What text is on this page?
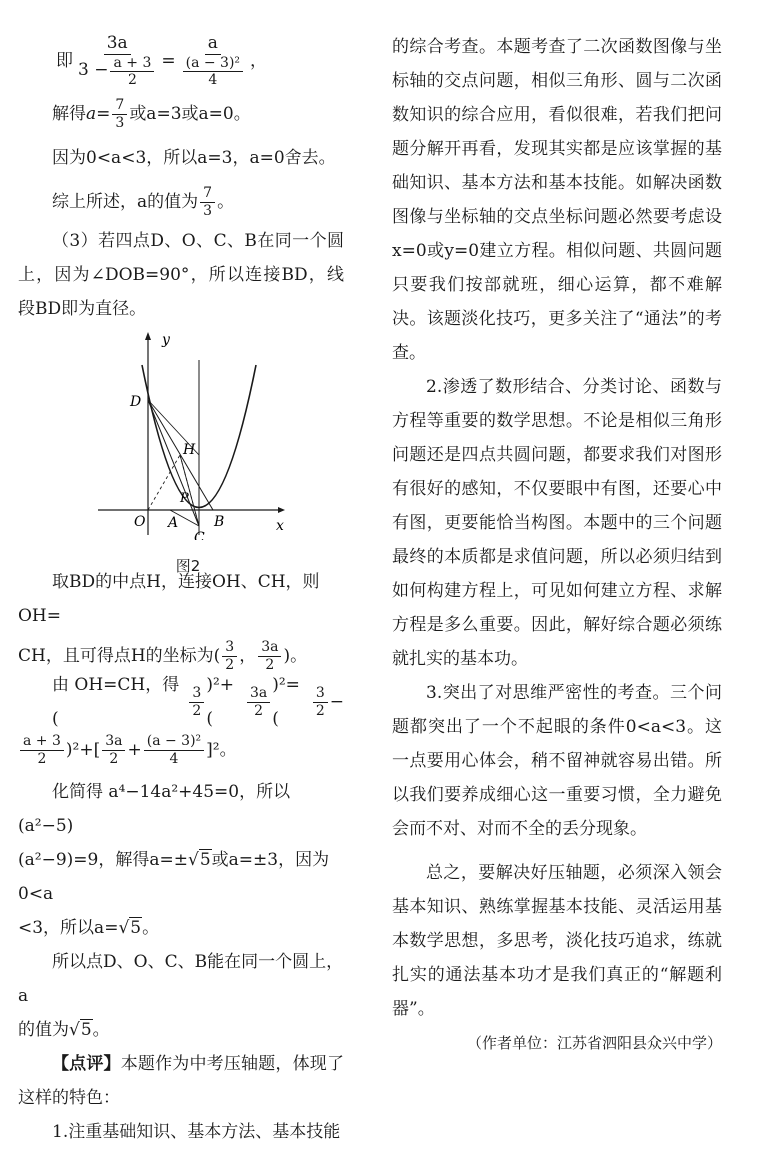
即 $\frac{3a}{3 - \frac{a + 3}{2}} = \frac{a}{\frac{\text{(a − 3)²}}{4}}$ ，
解得 $a = \frac{7}{3}$ 或a=3或a=0。

因为0<a<3，所以a=3，a=0舍去。

综上所述，a的值为 $\frac{7}{3}$ 。

（3）若四点D、O、C、B在同一个圆上，因为∠DOB=90°，所以连接BD，线段BD即为直径。

y
x
O A	B
C
D
H
P
图2

取BD的中点H，连接OH、CH，则OH=

CH，且可得点H的坐标为( $\frac{3}{2}$ ， $\frac{3a}{2}$ )。
由 OH=CH，得 (
$\frac{3}{2}$
)²+ (
$\frac{3a}{2}$
)²= (
$\frac{3}{2}$ −
$\frac{a + 3}{2} )^2+[ \frac{3a}{2} + \frac{\text{(a − 3)²}}{4} ]^2$。

化简得 a⁴−14a²+45=0，所以 (a²−5)

(a²−9)=9，解得a=±√5或a=±3，因为0<a

<3，所以a=√5。

所以点D、O、C、B能在同一个圆上，a

的值为√5。

【点评】本题作为中考压轴题，体现了这样的特色：

1.注重基础知识、基本方法、基本技能

的综合考查。本题考查了二次函数图像与坐标轴的交点问题，相似三角形、圆与二次函数知识的综合应用，看似很难，若我们把问题分解开再看，发现其实都是应该掌握的基础知识、基本方法和基本技能。如解决函数图像与坐标轴的交点坐标问题必然要考虑设x=0或y=0建立方程。相似问题、共圆问题只要我们按部就班，细心运算，都不难解决。该题淡化技巧，更多关注了“通法”的考查。

2.渗透了数形结合、分类讨论、函数与方程等重要的数学思想。不论是相似三角形问题还是四点共圆问题，都要求我们对图形有很好的感知，不仅要眼中有图，还要心中有图，更要能恰当构图。本题中的三个问题最终的本质都是求值问题，所以必须归结到如何构建方程上，可见如何建立方程、求解方程是多么重要。因此，解好综合题必须练就扎实的基本功。

3.突出了对思维严密性的考查。三个问题都突出了一个不起眼的条件0<a<3。这一点要用心体会，稍不留神就容易出错。所以我们要养成细心这一重要习惯，全力避免会而不对、对而不全的丢分现象。

总之，要解决好压轴题，必须深入领会基本知识、熟练掌握基本技能、灵活运用基本数学思想，多思考，淡化技巧追求，练就扎实的通法基本功才是我们真正的“解题利器”。

（作者单位：江苏省泗阳县众兴中学）
